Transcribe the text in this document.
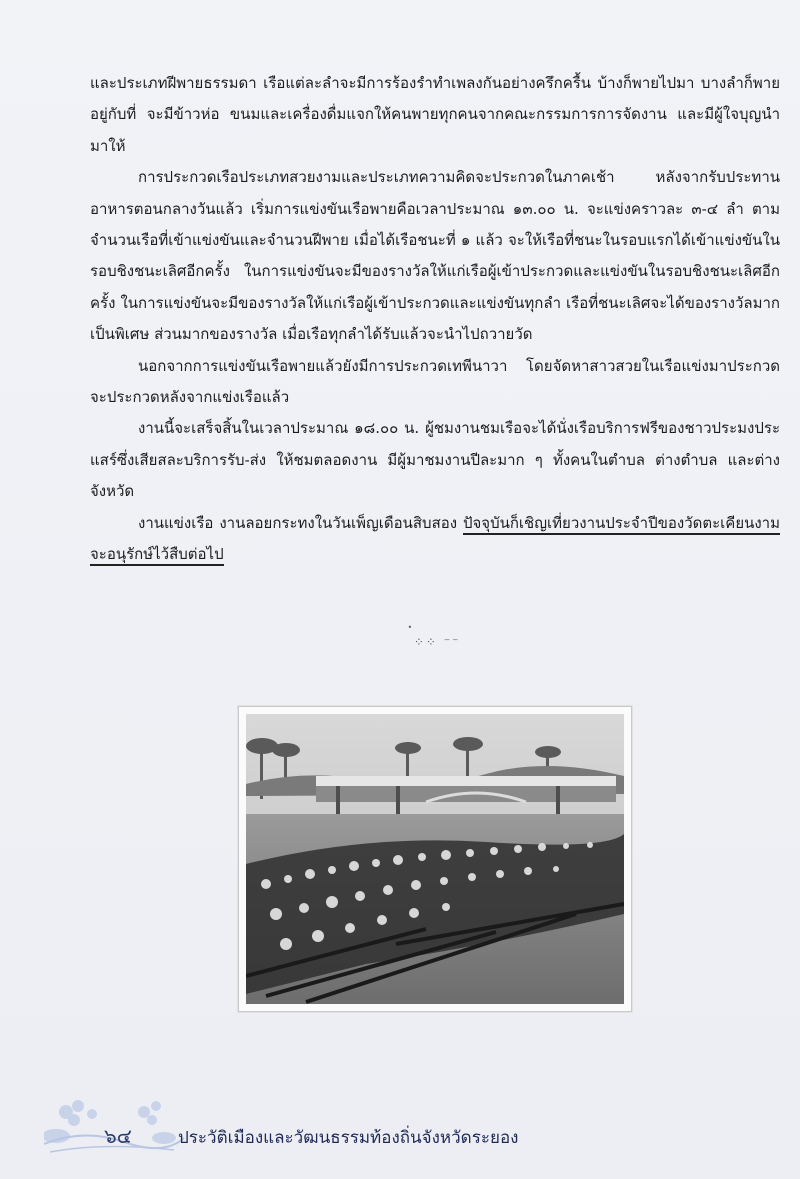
และประเภทฝีพายธรรมดา เรือแต่ละลำจะมีการร้องรำทำเพลงกันอย่างครึกครื้น บ้างก็พายไปมา บางลำก็พายอยู่กับที่ จะมีข้าวห่อ ขนมและเครื่องดื่มแจกให้คนพายทุกคนจากคณะกรรมการการจัดงาน และมีผู้ใจบุญนำมาให้

การประกวดเรือประเภทสวยงามและประเภทความคิดจะประกวดในภาคเช้า หลังจากรับประทานอาหารตอนกลางวันแล้ว เริ่มการแข่งขันเรือพายคือเวลาประมาณ ๑๓.๐๐ น. จะแข่งคราวละ ๓-๔ ลำ ตามจำนวนเรือที่เข้าแข่งขันและจำนวนฝีพาย เมื่อได้เรือชนะที่ ๑ แล้ว จะให้เรือที่ชนะในรอบแรกได้เข้าแข่งขันในรอบชิงชนะเลิศอีกครั้ง ในการแข่งขันจะมีของรางวัลให้แก่เรือผู้เข้าประกวดและแข่งขันในรอบชิงชนะเลิศอีกครั้ง ในการแข่งขันจะมีของรางวัลให้แก่เรือผู้เข้าประกวดและแข่งขันทุกลำ เรือที่ชนะเลิศจะได้ของรางวัลมากเป็นพิเศษ ส่วนมากของรางวัล เมื่อเรือทุกลำได้รับแล้วจะนำไปถวายวัด

นอกจากการแข่งขันเรือพายแล้วยังมีการประกวดเทพีนาวา โดยจัดหาสาวสวยในเรือแข่งมาประกวดจะประกวดหลังจากแข่งเรือแล้ว

งานนี้จะเสร็จสิ้นในเวลาประมาณ ๑๘.๐๐ น. ผู้ชมงานชมเรือจะได้นั่งเรือบริการฟรีของชาวประมงประแสร์ซึ่งเสียสละบริการรับ-ส่ง ให้ชมตลอดงาน มีผู้มาชมงานปีละมาก ๆ ทั้งคนในตำบล ต่างตำบล และต่างจังหวัด

งานแข่งเรือ งานลอยกระทงในวันเพ็ญเดือนสิบสอง ปัจจุบันก็เชิญเที่ยวงานประจำปีของวัดตะเคียนงามจะอนุรักษ์ไว้สืบต่อไป

ꞏ
⁘⁘ ⁻⁻
๖๔	ประวัติเมืองและวัฒนธรรมท้องถิ่นจังหวัดระยอง
